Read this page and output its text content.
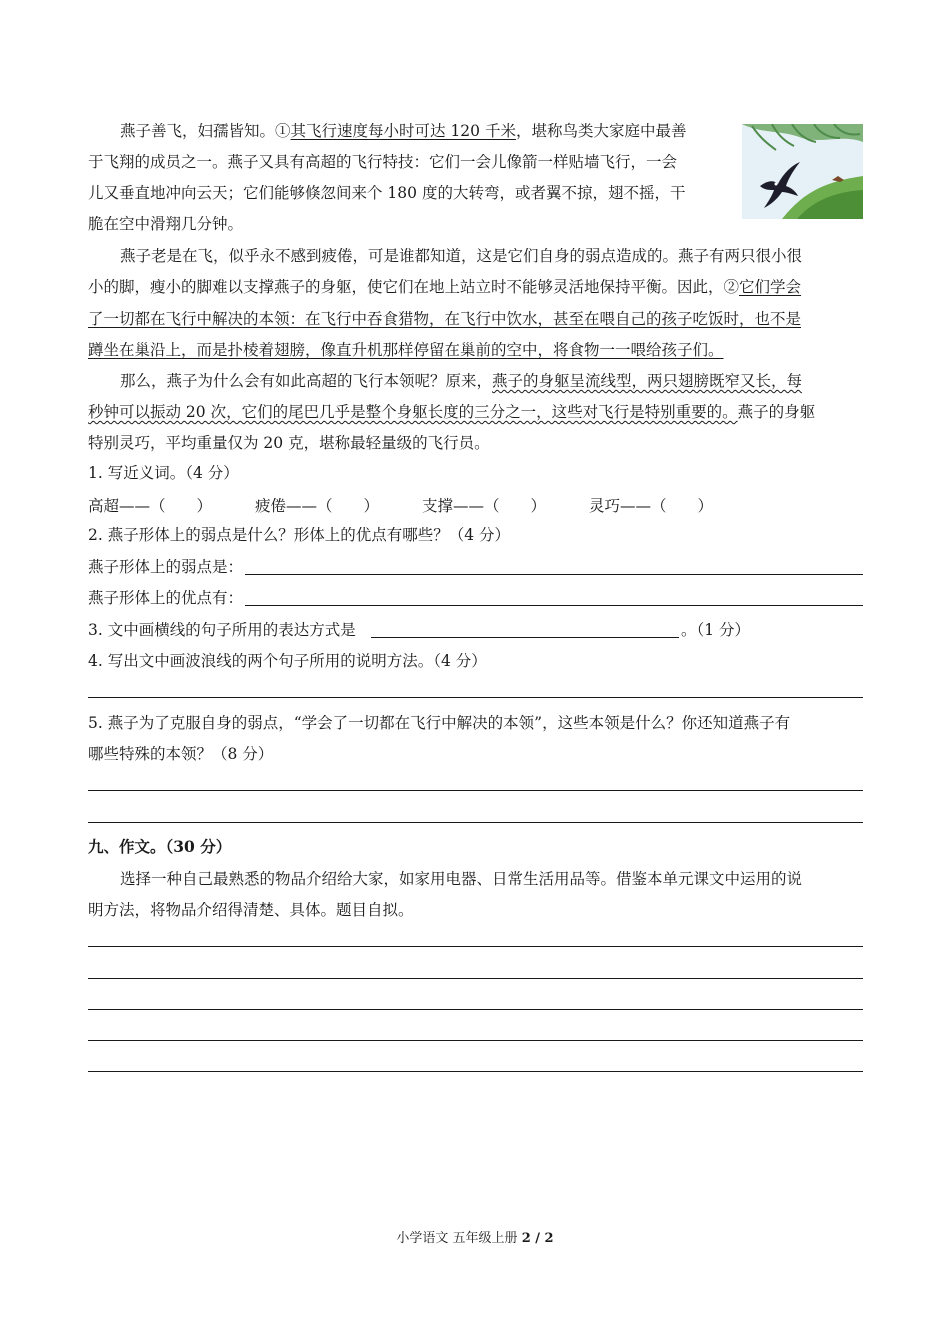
燕子善飞，妇孺皆知。①其飞行速度每小时可达 120 千米，堪称鸟类大家庭中最善
于飞翔的成员之一。燕子又具有高超的飞行特技：它们一会儿像箭一样贴墙飞行，一会
儿又垂直地冲向云天；它们能够倏忽间来个 180 度的大转弯，或者翼不掠，翅不摇，干
脆在空中滑翔几分钟。
燕子老是在飞，似乎永不感到疲倦，可是谁都知道，这是它们自身的弱点造成的。燕子有两只很小很
小的脚，瘦小的脚难以支撑燕子的身躯，使它们在地上站立时不能够灵活地保持平衡。因此，②它们学会
了一切都在飞行中解决的本领：在飞行中吞食猎物，在飞行中饮水，甚至在喂自己的孩子吃饭时，也不是
蹲坐在巢沿上，而是扑棱着翅膀，像直升机那样停留在巢前的空中，将食物一一喂给孩子们。
那么，燕子为什么会有如此高超的飞行本领呢？原来，燕子的身躯呈流线型，两只翅膀既窄又长，每
秒钟可以振动 20 次，它们的尾巴几乎是整个身躯长度的三分之一，这些对飞行是特别重要的。燕子的身躯
特别灵巧，平均重量仅为 20 克，堪称最轻量级的飞行员。
1. 写近义词。（4 分）
高超——（　　）	疲倦——（　　）	支撑——（　　）	灵巧——（　　）
2. 燕子形体上的弱点是什么？形体上的优点有哪些？（4 分）
燕子形体上的弱点是：
燕子形体上的优点有：
3. 文中画横线的句子所用的表达方式是	。（1 分）
4. 写出文中画波浪线的两个句子所用的说明方法。（4 分）
5. 燕子为了克服自身的弱点，“学会了一切都在飞行中解决的本领”，这些本领是什么？你还知道燕子有
哪些特殊的本领？（8 分）
九、作文。（30 分）
选择一种自己最熟悉的物品介绍给大家，如家用电器、日常生活用品等。借鉴本单元课文中运用的说
明方法，将物品介绍得清楚、具体。题目自拟。
小学语文 五年级上册 2 / 2
